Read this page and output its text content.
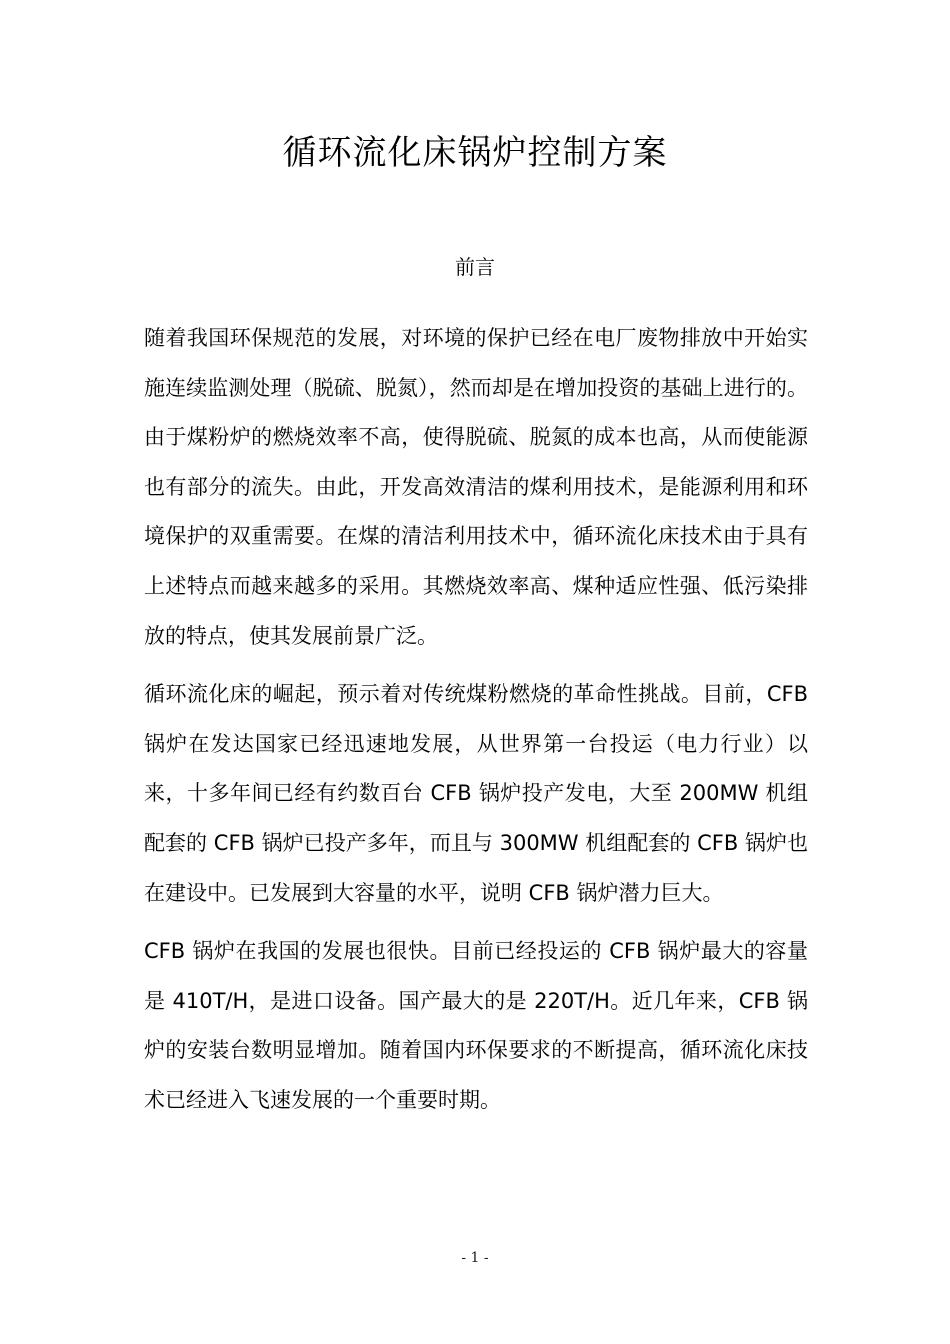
循环流化床锅炉控制方案
前言

随着我国环保规范的发展，对环境的保护已经在电厂废物排放中开始实施连续监测处理（脱硫、脱氮），然而却是在增加投资的基础上进行的。由于煤粉炉的燃烧效率不高，使得脱硫、脱氮的成本也高，从而使能源也有部分的流失。由此，开发高效清洁的煤利用技术，是能源利用和环境保护的双重需要。在煤的清洁利用技术中，循环流化床技术由于具有上述特点而越来越多的采用。其燃烧效率高、煤种适应性强、低污染排放的特点，使其发展前景广泛。

循环流化床的崛起，预示着对传统煤粉燃烧的革命性挑战。目前，CFB 锅炉在发达国家已经迅速地发展，从世界第一台投运（电力行业）以来，十多年间已经有约数百台 CFB 锅炉投产发电，大至 200MW 机组配套的 CFB 锅炉已投产多年，而且与 300MW 机组配套的 CFB 锅炉也在建设中。已发展到大容量的水平，说明 CFB 锅炉潜力巨大。

CFB 锅炉在我国的发展也很快。目前已经投运的 CFB 锅炉最大的容量是 410T/H，是进口设备。国产最大的是 220T/H。近几年来，CFB 锅炉的安装台数明显增加。随着国内环保要求的不断提高，循环流化床技术已经进入飞速发展的一个重要时期。

- 1 -
